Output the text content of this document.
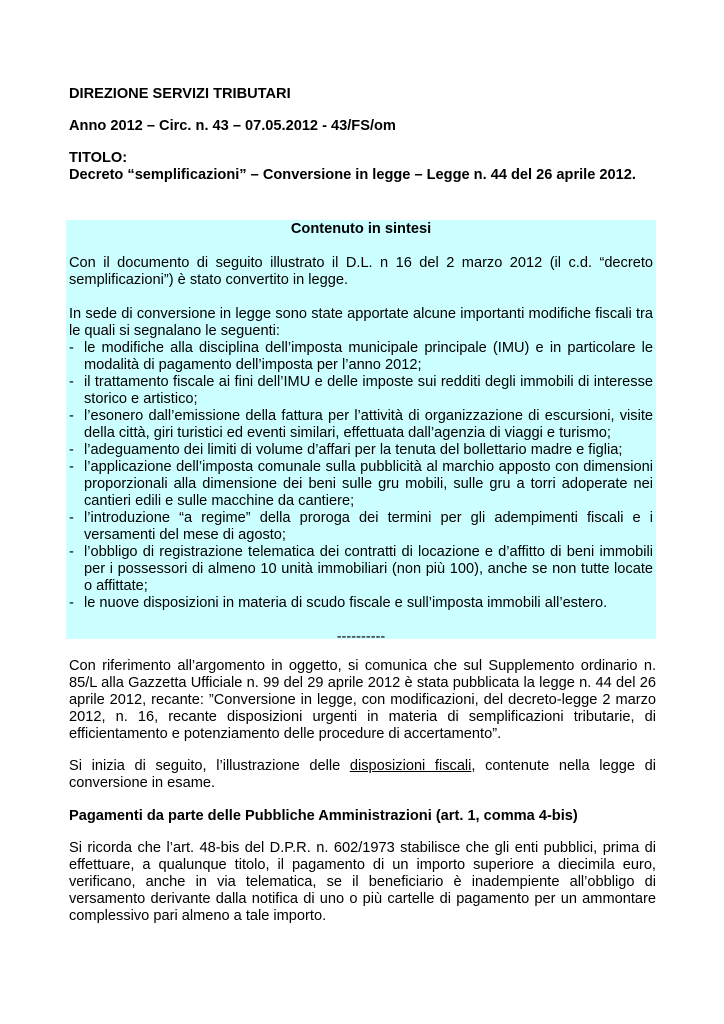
DIREZIONE SERVIZI TRIBUTARI

Anno 2012 – Circ. n. 43 – 07.05.2012 - 43/FS/om

TITOLO:

Decreto “semplificazioni” – Conversione in legge – Legge n. 44 del 26 aprile 2012.

Contenuto in sintesi

Con il documento di seguito illustrato il D.L. n 16 del 2 marzo 2012 (il c.d. “decreto semplificazioni”) è stato convertito in legge.

In sede di conversione in legge sono state apportate alcune importanti modifiche fiscali tra le quali si segnalano le seguenti:

- le modifiche alla disciplina dell’imposta municipale principale (IMU) e in particolare le modalità di pagamento dell’imposta per l’anno 2012;
- il trattamento fiscale ai fini dell’IMU e delle imposte sui redditi degli immobili di interesse storico e artistico;
- l’esonero dall’emissione della fattura per l’attività di organizzazione di escursioni, visite della città, giri turistici ed eventi similari, effettuata dall’agenzia di viaggi e turismo;
- l’adeguamento dei limiti di volume d’affari per la tenuta del bollettario madre e figlia;
- l’applicazione dell’imposta comunale sulla pubblicità al marchio apposto con dimensioni proporzionali alla dimensione dei beni sulle gru mobili, sulle gru a torri adoperate nei cantieri edili e sulle macchine da cantiere;
- l’introduzione “a regime” della proroga dei termini per gli adempimenti fiscali e i versamenti del mese di agosto;
- l’obbligo di registrazione telematica dei contratti di locazione e d’affitto di beni immobili per i possessori di almeno 10 unità immobiliari (non più 100), anche se non tutte locate o affittate;
- le nuove disposizioni in materia di scudo fiscale e sull’imposta immobili all’estero.

----------

Con riferimento all’argomento in oggetto, si comunica che sul Supplemento ordinario n. 85/L alla Gazzetta Ufficiale n. 99 del 29 aprile 2012 è stata pubblicata la legge n. 44 del 26 aprile 2012, recante: ”Conversione in legge, con modificazioni, del decreto-legge 2 marzo 2012, n. 16, recante disposizioni urgenti in materia di semplificazioni tributarie, di efficientamento e potenziamento delle procedure di accertamento”.

Si inizia di seguito, l’illustrazione delle disposizioni fiscali, contenute nella legge di conversione in esame.

Pagamenti da parte delle Pubbliche Amministrazioni (art. 1, comma 4-bis)

Si ricorda che l’art. 48-bis del D.P.R. n. 602/1973 stabilisce che gli enti pubblici, prima di effettuare, a qualunque titolo, il pagamento di un importo superiore a diecimila euro, verificano, anche in via telematica, se il beneficiario è inadempiente all’obbligo di versamento derivante dalla notifica di uno o più cartelle di pagamento per un ammontare complessivo pari almeno a tale importo.
